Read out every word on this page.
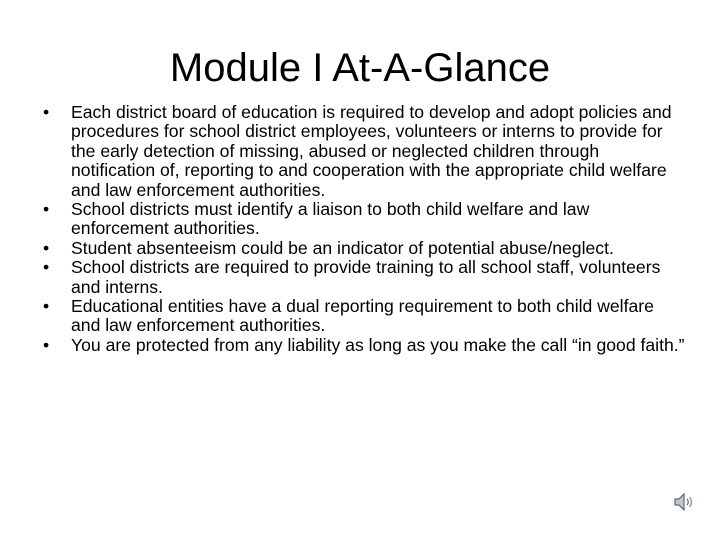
Module I At-A-Glance
• Each district board of education is required to develop and adopt policies and procedures for school district employees, volunteers or interns to provide for the early detection of missing, abused or neglected children through notification of, reporting to and cooperation with the appropriate child welfare and law enforcement authorities.
• School districts must identify a liaison to both child welfare and law enforcement authorities.
• Student absenteeism could be an indicator of potential abuse/neglect.
• School districts are required to provide training to all school staff, volunteers and interns.
• Educational entities have a dual reporting requirement to both child welfare and law enforcement authorities.
• You are protected from any liability as long as you make the call “in good faith.”
